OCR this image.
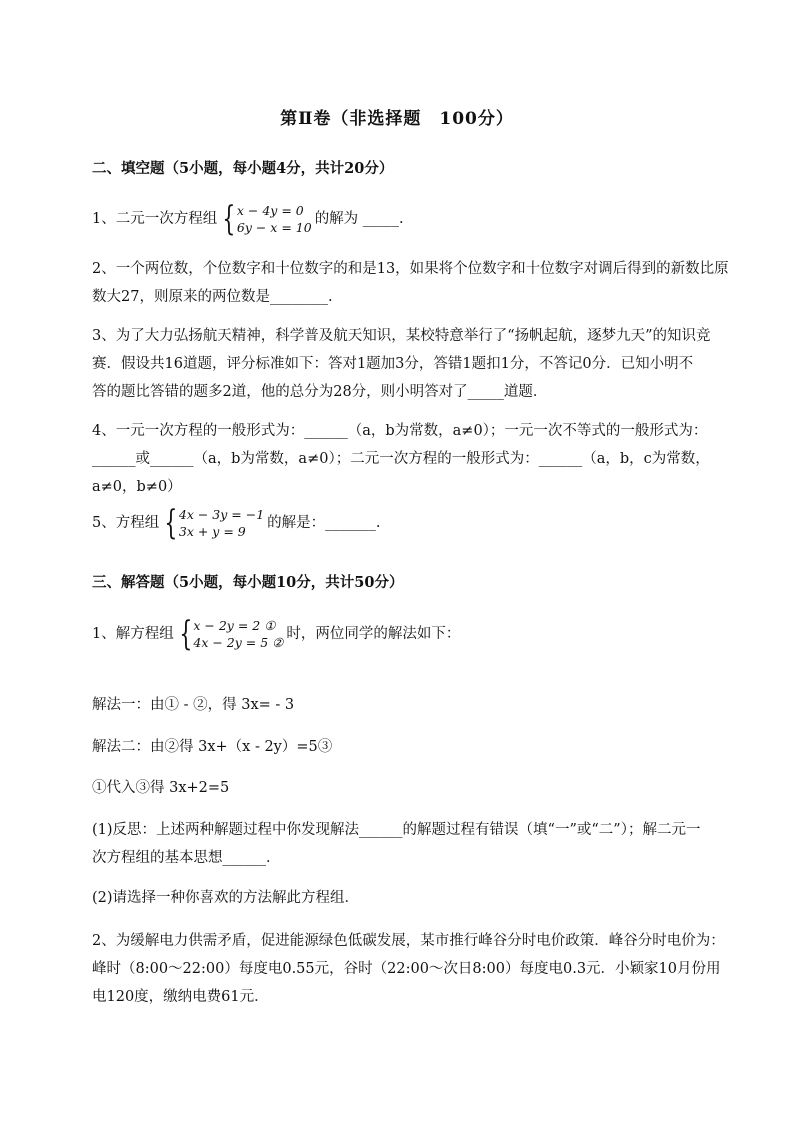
第Ⅱ卷（非选择题　100分）
二、填空题（5小题，每小题4分，共计20分）
1、二元一次方程组 { x − 4y = 0
6y − x = 10
的解为 _____.
2、一个两位数，个位数字和十位数字的和是13，如果将个位数字和十位数字对调后得到的新数比原
数大27，则原来的两位数是________.
3、为了大力弘扬航天精神，科学普及航天知识，某校特意举行了“扬帆起航，逐梦九天”的知识竞
赛．假设共16道题，评分标准如下：答对1题加3分，答错1题扣1分，不答记0分．已知小明不
答的题比答错的题多2道，他的总分为28分，则小明答对了_____道题．
4、一元一次方程的一般形式为：______（a，b为常数，a≠0）；一元一次不等式的一般形式为：
______或______（a，b为常数，a≠0）；二元一次方程的一般形式为：______（a，b，c为常数，
a≠0，b≠0）
5、方程组 { 4x − 3y = −1
3x + y = 9
的解是：_______.
三、解答题（5小题，每小题10分，共计50分）
1、解方程组 { x − 2y = 2 ①
4x − 2y = 5 ②
时，两位同学的解法如下：
解法一：由① - ②，得 3x= - 3
解法二：由②得 3x+（x - 2y）=5③
①代入③得 3x+2=5
(1)反思：上述两种解题过程中你发现解法______的解题过程有错误（填“一”或“二”）；解二元一
次方程组的基本思想______．
(2)请选择一种你喜欢的方法解此方程组．
2、为缓解电力供需矛盾，促进能源绿色低碳发展，某市推行峰谷分时电价政策．峰谷分时电价为：
峰时（8:00～22:00）每度电0.55元，谷时（22:00～次日8:00）每度电0.3元．小颖家10月份用
电120度，缴纳电费61元．
